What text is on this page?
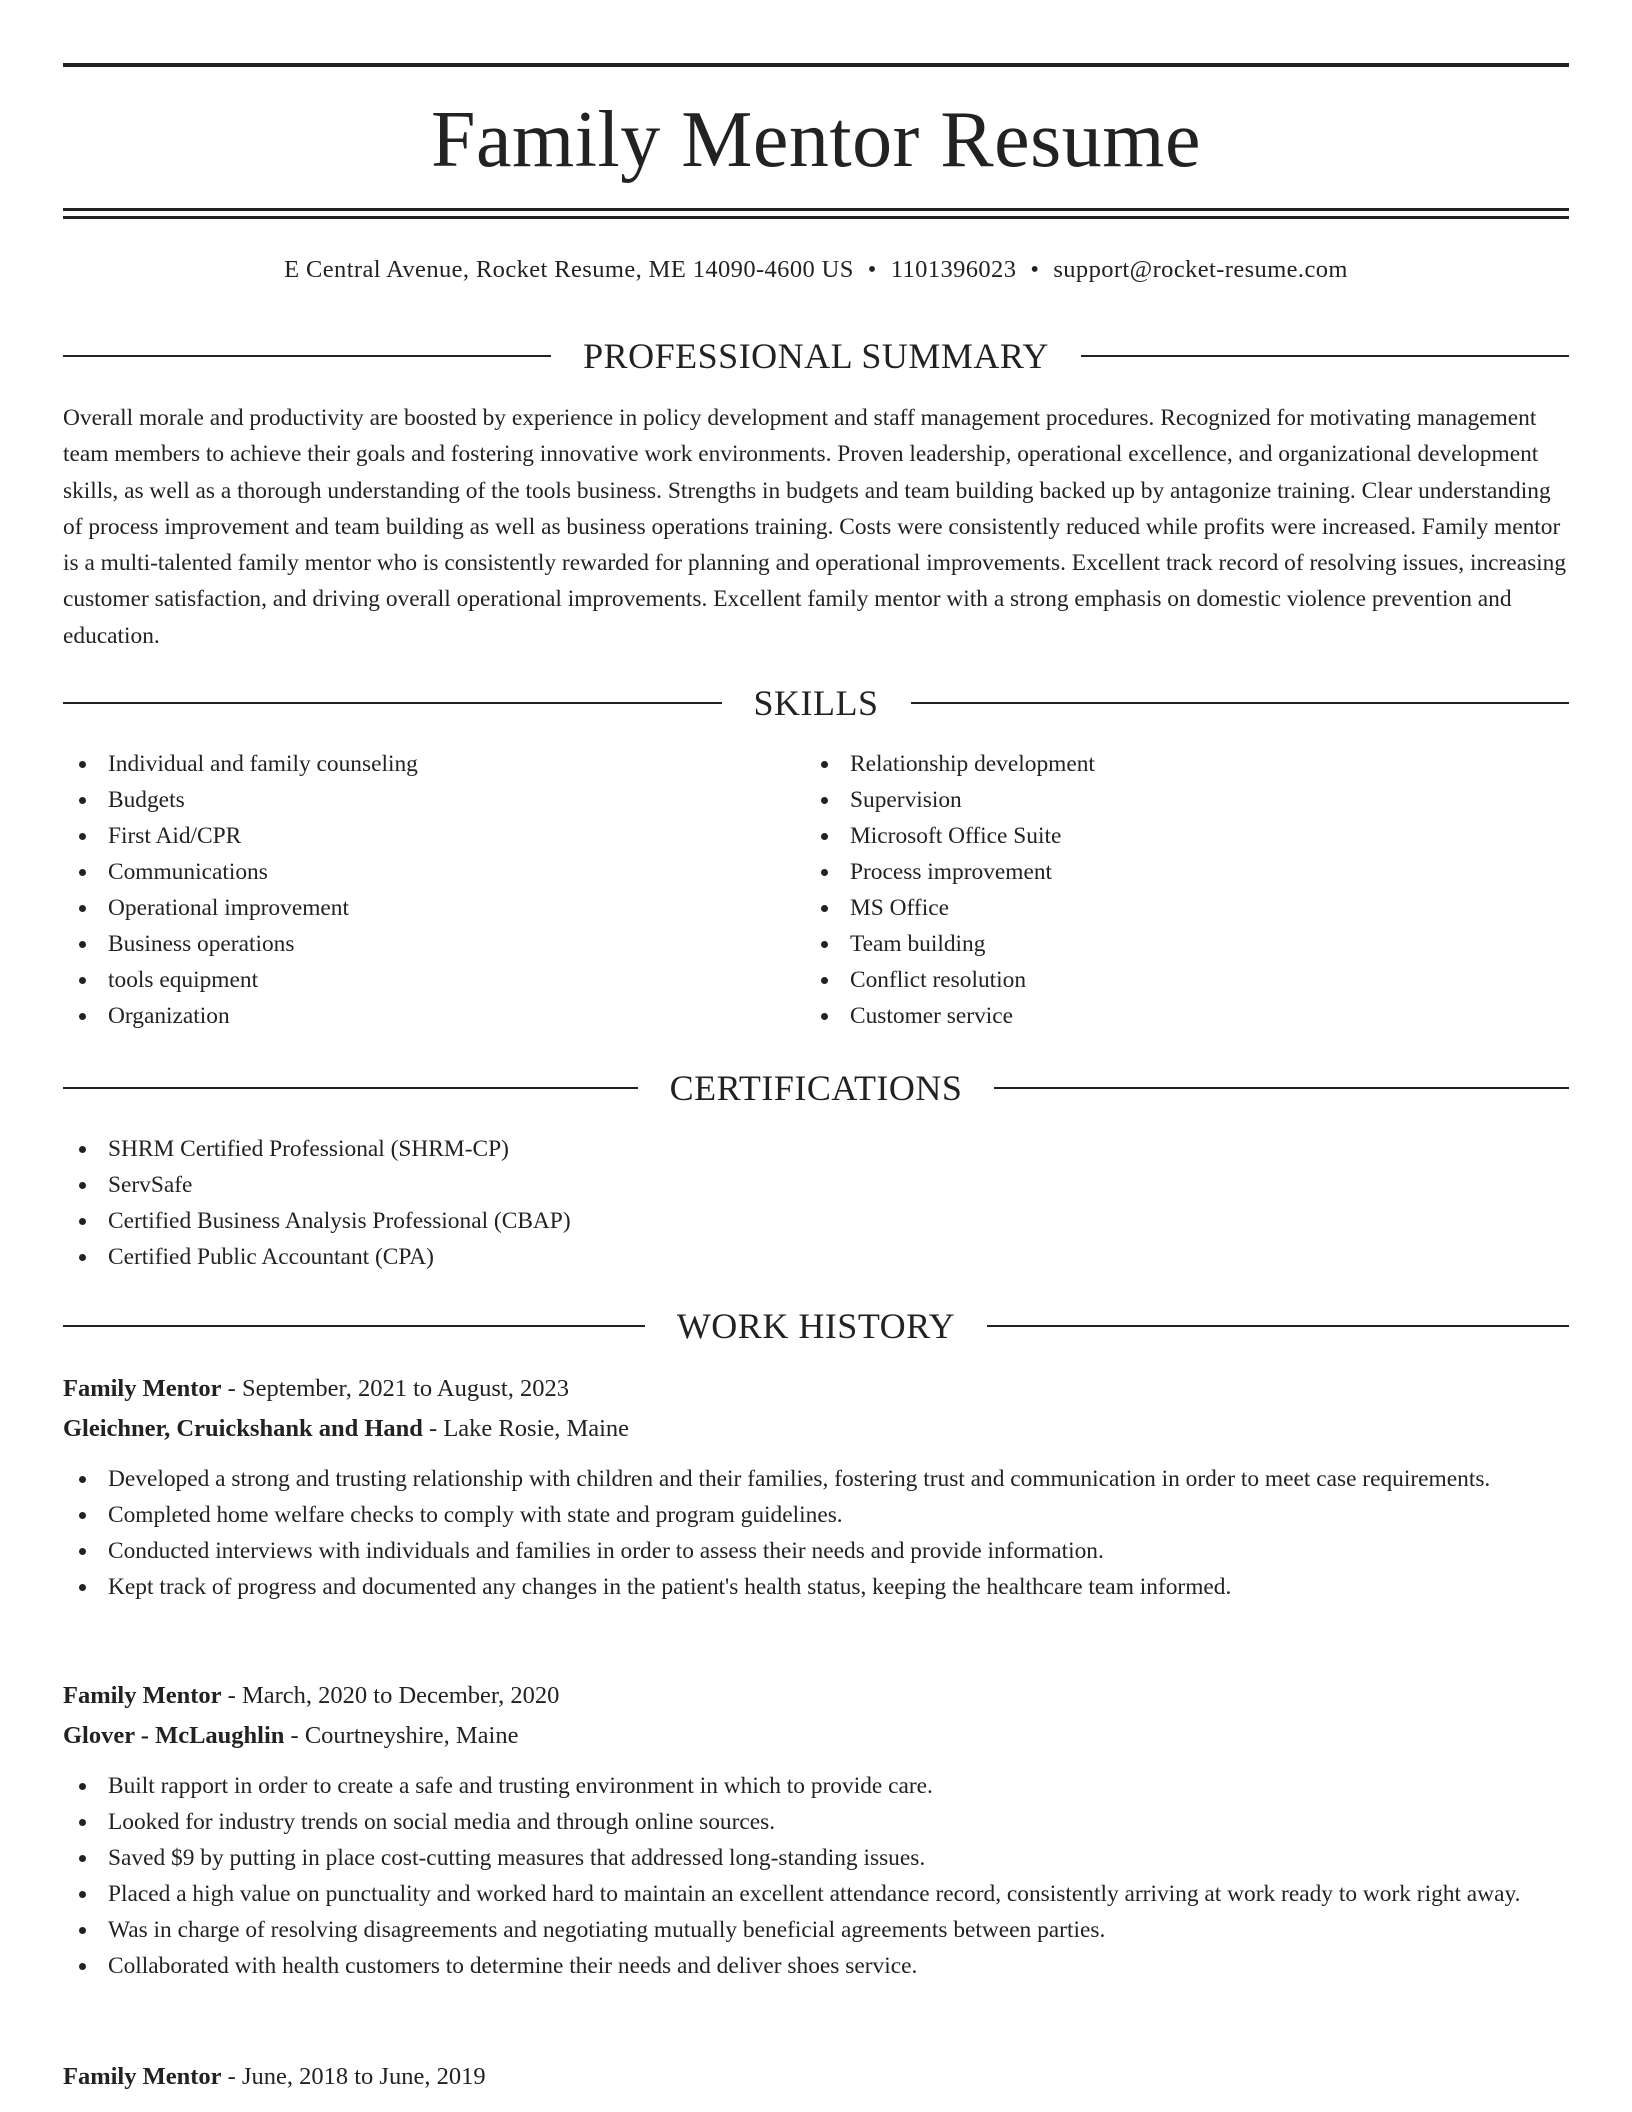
Family Mentor Resume
E Central Avenue, Rocket Resume, ME 14090-4600 US • 1101396023 • support@rocket-resume.com
PROFESSIONAL SUMMARY

Overall morale and productivity are boosted by experience in policy development and staff management procedures. Recognized for motivating management team members to achieve their goals and fostering innovative work environments. Proven leadership, operational excellence, and organizational development skills, as well as a thorough understanding of the tools business. Strengths in budgets and team building backed up by antagonize training. Clear understanding of process improvement and team building as well as business operations training. Costs were consistently reduced while profits were increased. Family mentor is a multi-talented family mentor who is consistently rewarded for planning and operational improvements. Excellent track record of resolving issues, increasing customer satisfaction, and driving overall operational improvements. Excellent family mentor with a strong emphasis on domestic violence prevention and education.

SKILLS
Individual and family counseling
Budgets
First Aid/CPR
Communications
Operational improvement
Business operations
tools equipment
Organization
Relationship development
Supervision
Microsoft Office Suite
Process improvement
MS Office
Team building
Conflict resolution
Customer service
CERTIFICATIONS
SHRM Certified Professional (SHRM-CP)
ServSafe
Certified Business Analysis Professional (CBAP)
Certified Public Accountant (CPA)
WORK HISTORY
Family Mentor - September, 2021 to August, 2023
Gleichner, Cruickshank and Hand - Lake Rosie, Maine
Developed a strong and trusting relationship with children and their families, fostering trust and communication in order to meet case requirements.
Completed home welfare checks to comply with state and program guidelines.
Conducted interviews with individuals and families in order to assess their needs and provide information.
Kept track of progress and documented any changes in the patient's health status, keeping the healthcare team informed.
Family Mentor - March, 2020 to December, 2020
Glover - McLaughlin - Courtneyshire, Maine
Built rapport in order to create a safe and trusting environment in which to provide care.
Looked for industry trends on social media and through online sources.
Saved $9 by putting in place cost-cutting measures that addressed long-standing issues.
Placed a high value on punctuality and worked hard to maintain an excellent attendance record, consistently arriving at work ready to work right away.
Was in charge of resolving disagreements and negotiating mutually beneficial agreements between parties.
Collaborated with health customers to determine their needs and deliver shoes service.
Family Mentor - June, 2018 to June, 2019
